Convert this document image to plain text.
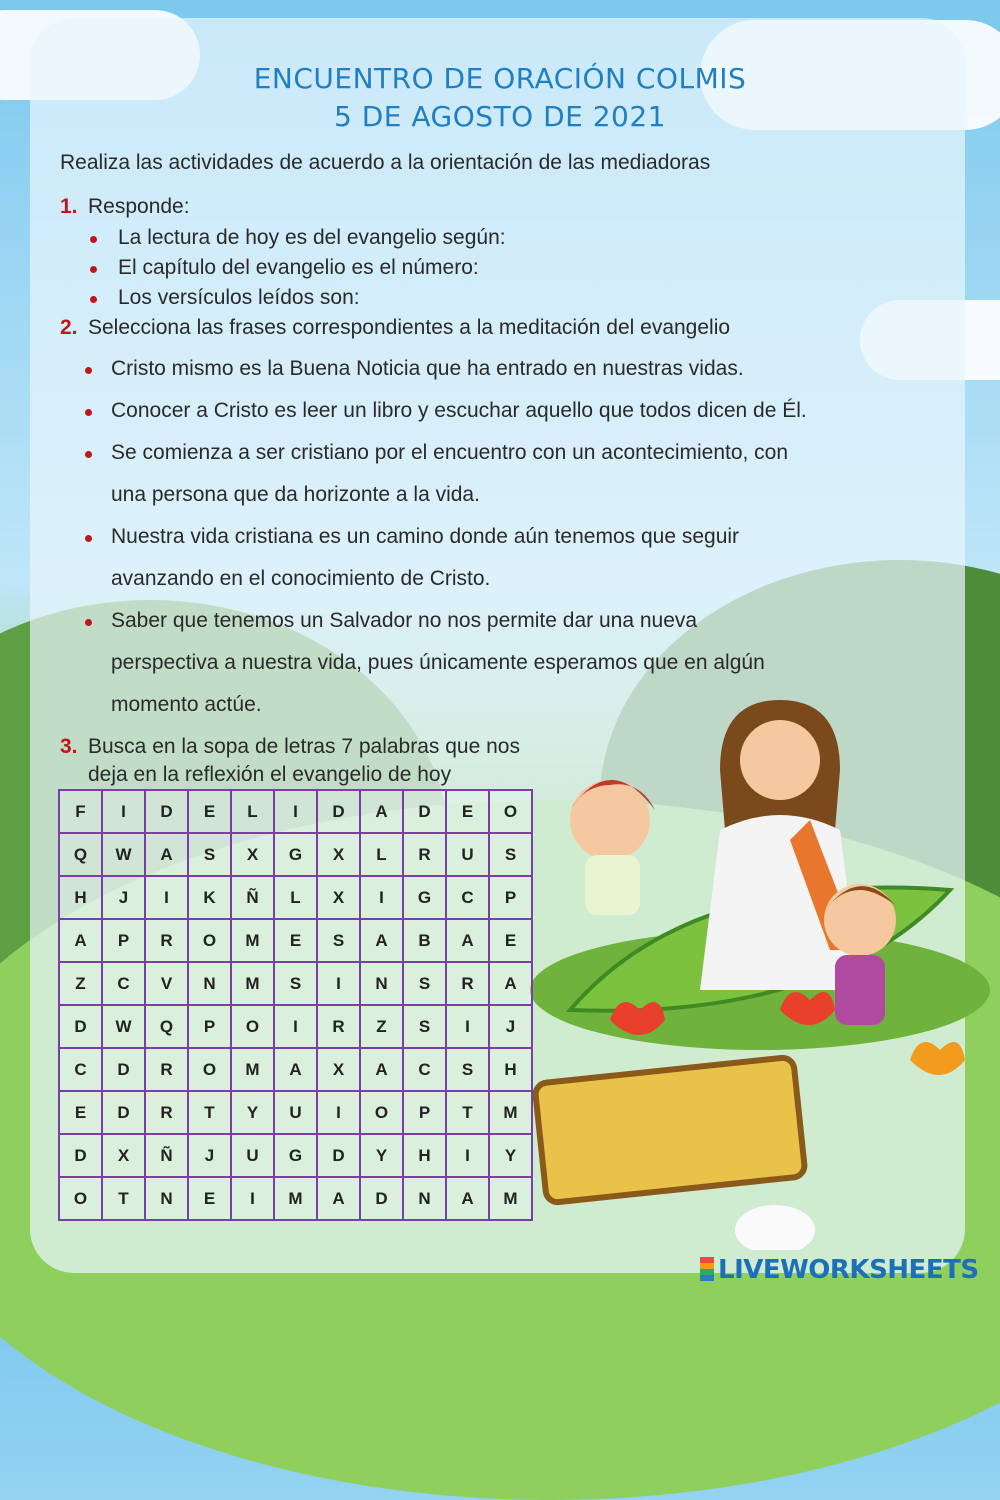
ENCUENTRO DE ORACIÓN COLMIS
5 DE AGOSTO DE 2021
Realiza las actividades de acuerdo a la orientación de las mediadoras
1. Responde:
La lectura de hoy es del evangelio según:
El capítulo del evangelio es el número:
Los versículos leídos son:
2. Selecciona las frases correspondientes a la meditación del evangelio
Cristo mismo es la Buena Noticia que ha entrado en nuestras vidas.
Conocer a Cristo es leer un libro y escuchar aquello que todos dicen de Él.
Se comienza a ser cristiano por el encuentro con un acontecimiento, con
una persona que da horizonte a la vida.
Nuestra vida cristiana es un camino donde aún tenemos que seguir
avanzando en el conocimiento de Cristo.
Saber que tenemos un Salvador no nos permite dar una nueva
perspectiva a nuestra vida, pues únicamente esperamos que en algún
momento actúe.
3. Busca en la sopa de letras 7 palabras que nos
deja en la reflexión el evangelio de hoy
F	I	D	E	L	I	D	A	D	E	O
Q	W	A	S	X	G	X	L	R	U	S
H	J	I	K	Ñ	L	X	I	G	C	P
A	P	R	O	M	E	S	A	B	A	E
Z	C	V	N	M	S	I	N	S	R	A
D	W	Q	P	O	I	R	Z	S	I	J
C	D	R	O	M	A	X	A	C	S	H
E	D	R	T	Y	U	I	O	P	T	M
D	X	Ñ	J	U	G	D	Y	H	I	Y
O	T	N	E	I	M	A	D	N	A	M
LIVEWORKSHEETS
